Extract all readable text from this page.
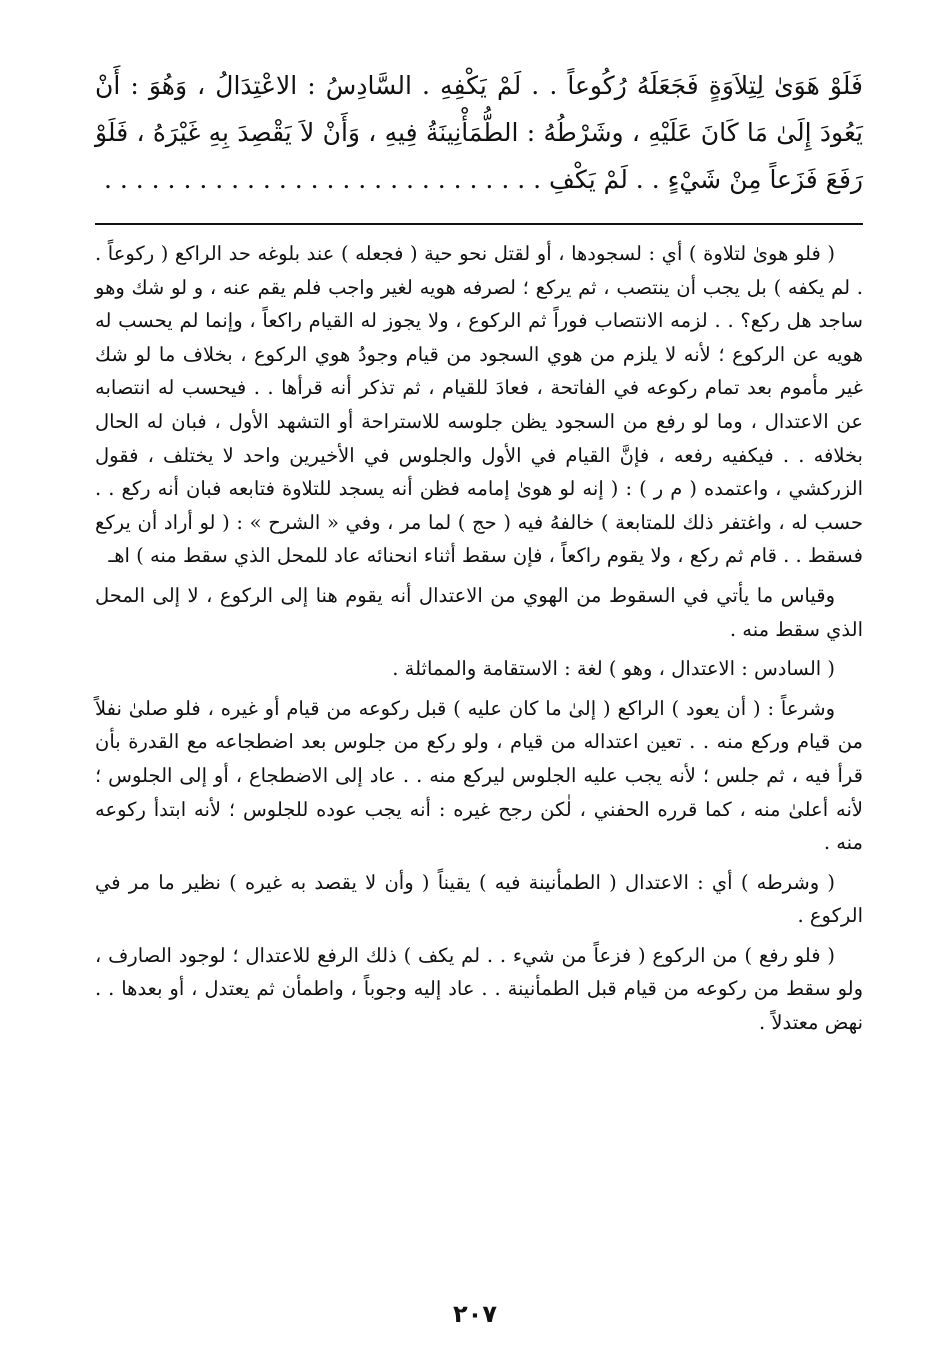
فَلَوْ هَوَىٰ لِتِلاَوَةٍ فَجَعَلَهُ رُكُوعاً . . لَمْ يَكْفِهِ . السَّادِسُ : الاعْتِدَالُ ، وَهُوَ : أَنْ يَعُودَ إِلَىٰ مَا كَانَ عَلَيْهِ ، وشَرْطُهُ : الطُّمَأْنِينَةُ فِيهِ ، وَأَنْ لاَ يَقْصِدَ بِهِ غَيْرَهُ ، فَلَوْ رَفَعَ فَزَعاً مِنْ شَيْءٍ . . لَمْ يَكْفِ . . . . . . . . . . . . . . . . . . . . . . . . . . . .

( فلو هوىٰ لتلاوة ) أي : لسجودها ، أو لقتل نحو حية ( فجعله ) عند بلوغه حد الراكع ( ركوعاً . . لم يكفه ) بل يجب أن ينتصب ، ثم يركع ؛ لصرفه هويه لغير واجب فلم يقم عنه ، و لو شك وهو ساجد هل ركع؟ . . لزمه الانتصاب فوراً ثم الركوع ، ولا يجوز له القيام راكعاً ، وإنما لم يحسب له هويه عن الركوع ؛ لأنه لا يلزم من هوي السجود من قيام وجودُ هوي الركوع ، بخلاف ما لو شك غير مأموم بعد تمام ركوعه في الفاتحة ، فعادَ للقيام ، ثم تذكر أنه قرأها . . فيحسب له انتصابه عن الاعتدال ، وما لو رفع من السجود يظن جلوسه للاستراحة أو التشهد الأول ، فبان له الحال بخلافه . . فيكفيه رفعه ، فإنَّ القيام في الأول والجلوس في الأخيرين واحد لا يختلف ، فقول الزركشي ، واعتمده ( م ر ) : ( إنه لو هوىٰ إمامه فظن أنه يسجد للتلاوة فتابعه فبان أنه ركع . . حسب له ، واغتفر ذلك للمتابعة ) خالفهُ فيه ( حج ) لما مر ، وفي « الشرح » : ( لو أراد أن يركع فسقط . . قام ثم ركع ، ولا يقوم راكعاً ، فإن سقط أثناء انحنائه عاد للمحل الذي سقط منه ) اهـ

وقياس ما يأتي في السقوط من الهوي من الاعتدال أنه يقوم هنا إلى الركوع ، لا إلى المحل الذي سقط منه .

( السادس : الاعتدال ، وهو ) لغة : الاستقامة والمماثلة .

وشرعاً : ( أن يعود ) الراكع ( إلىٰ ما كان عليه ) قبل ركوعه من قيام أو غيره ، فلو صلىٰ نفلاً من قيام وركع منه . . تعين اعتداله من قيام ، ولو ركع من جلوس بعد اضطجاعه مع القدرة بأن قرأ فيه ، ثم جلس ؛ لأنه يجب عليه الجلوس ليركع منه . . عاد إلى الاضطجاع ، أو إلى الجلوس ؛ لأنه أعلىٰ منه ، كما قرره الحفني ، لٰكن رجح غيره : أنه يجب عوده للجلوس ؛ لأنه ابتدأ ركوعه منه .

( وشرطه ) أي : الاعتدال ( الطمأنينة فيه ) يقيناً ( وأن لا يقصد به غيره ) نظير ما مر في الركوع .

( فلو رفع ) من الركوع ( فزعاً من شيء . . لم يكف ) ذلك الرفع للاعتدال ؛ لوجود الصارف ، ولو سقط من ركوعه من قيام قبل الطمأنينة . . عاد إليه وجوباً ، واطمأن ثم يعتدل ، أو بعدها . . نهض معتدلاً .

٢٠٧
